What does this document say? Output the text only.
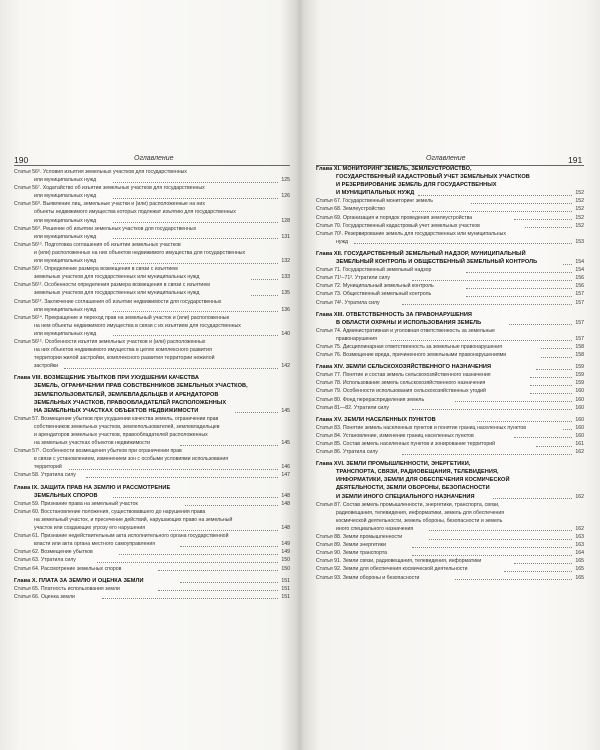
190	Оглавление
Статья 56⁶. Условия изъятия земельных участков для государственных
или муниципальных нужд	125
Статья 56⁷. Ходатайство об изъятии земельных участков для государственных
или муниципальных нужд	126
Статья 56⁸. Выявление лиц, земельные участки и (или) расположенные на них
объекты недвижимого имущества которых подлежат изъятию для государственных
или муниципальных нужд	128
Статья 56⁹. Решение об изъятии земельных участков для государственных
или муниципальных нужд	131
Статья 56¹⁰. Подготовка соглашения об изъятии земельных участков
и (или) расположенных на них объектов недвижимого имущества для государственных
или муниципальных нужд	132
Статья 56¹¹. Определение размера возмещения в связи с изъятием
земельных участков для государственных или муниципальных нужд	133
Статья 56¹². Особенности определения размера возмещения в связи с изъятием
земельных участков для государственных или муниципальных нужд	135
Статья 56¹³. Заключение соглашения об изъятии недвижимости для государственных
или муниципальных нужд	136
Статья 56¹⁴. Прекращение и переход прав на земельный участок и (или) расположенные
на нем объекты недвижимого имущества в связи с их изъятием для государственных
или муниципальных нужд	140
Статья 56¹⁵. Особенности изъятия земельных участков и (или) расположенных
на них объектов недвижимого имущества в целях комплексного развития
территории жилой застройки, комплексного развития территории нежилой
застройки	142
Глава VIII. ВОЗМЕЩЕНИЕ УБЫТКОВ ПРИ УХУДШЕНИИ КАЧЕСТВА
ЗЕМЕЛЬ, ОГРАНИЧЕНИИ ПРАВ СОБСТВЕННИКОВ ЗЕМЕЛЬНЫХ УЧАСТКОВ,
ЗЕМЛЕПОЛЬЗОВАТЕЛЕЙ, ЗЕМЛЕВЛАДЕЛЬЦЕВ И АРЕНДАТОРОВ
ЗЕМЕЛЬНЫХ УЧАСТКОВ, ПРАВООБЛАДАТЕЛЕЙ РАСПОЛОЖЕННЫХ
НА ЗЕМЕЛЬНЫХ УЧАСТКАХ ОБЪЕКТОВ НЕДВИЖИМОСТИ	145
Статья 57. Возмещение убытков при ухудшении качества земель, ограничении прав
собственников земельных участков, землепользователей, землевладельцев
и арендаторов земельных участков, правообладателей расположенных
на земельных участках объектов недвижимости	145
Статья 57¹. Особенности возмещения убытков при ограничении прав
в связи с установлением, изменением зон с особыми условиями использования
территорий	146
Статья 58. Утратила силу	147
Глава IX. ЗАЩИТА ПРАВ НА ЗЕМЛЮ И РАССМОТРЕНИЕ
ЗЕМЕЛЬНЫХ СПОРОВ	148
Статья 59. Признание права на земельный участок	148
Статья 60. Восстановление положения, существовавшего до нарушения права
на земельный участок, и пресечение действий, нарушающих право на земельный
участок или создающих угрозу его нарушения	148
Статья 61. Признание недействительным акта исполнительного органа государственной
власти или акта органа местного самоуправления	149
Статья 62. Возмещение убытков	149
Статья 63. Утратила силу	150
Статья 64. Рассмотрение земельных споров	150
Глава X. ПЛАТА ЗА ЗЕМЛЮ И ОЦЕНКА ЗЕМЛИ	151
Статья 65. Платность использования земли	151
Статья 66. Оценка земли	151
Оглавление	191
Глава XI. МОНИТОРИНГ ЗЕМЕЛЬ, ЗЕМЛЕУСТРОЙСТВО,
ГОСУДАРСТВЕННЫЙ КАДАСТРОВЫЙ УЧЕТ ЗЕМЕЛЬНЫХ УЧАСТКОВ
И РЕЗЕРВИРОВАНИЕ ЗЕМЕЛЬ ДЛЯ ГОСУДАРСТВЕННЫХ
И МУНИЦИПАЛЬНЫХ НУЖД	152
Статья 67. Государственный мониторинг земель	152
Статья 68. Землеустройство	152
Статья 69. Организация и порядок проведения землеустройства	152
Статья 70. Государственный кадастровый учет земельных участков	152
Статья 70¹. Резервирование земель для государственных или муниципальных
нужд	153
Глава XII. ГОСУДАРСТВЕННЫЙ ЗЕМЕЛЬНЫЙ НАДЗОР, МУНИЦИПАЛЬНЫЙ
ЗЕМЕЛЬНЫЙ КОНТРОЛЬ И ОБЩЕСТВЕННЫЙ ЗЕМЕЛЬНЫЙ КОНТРОЛЬ	154
Статья 71. Государственный земельный надзор	154
Статья 71¹–71². Утратили силу	156
Статья 72. Муниципальный земельный контроль	156
Статья 73. Общественный земельный контроль	157
Статья 74¹. Утратила силу	157
Глава XIII. ОТВЕТСТВЕННОСТЬ ЗА ПРАВОНАРУШЕНИЯ
В ОБЛАСТИ ОХРАНЫ И ИСПОЛЬЗОВАНИЯ ЗЕМЕЛЬ	157
Статья 74. Административная и уголовная ответственность за земельные
правонарушения	157
Статья 75. Дисциплинарная ответственность за земельные правонарушения	158
Статья 76. Возмещение вреда, причиненного земельными правонарушениями	158
Глава XIV. ЗЕМЛИ СЕЛЬСКОХОЗЯЙСТВЕННОГО НАЗНАЧЕНИЯ	159
Статья 77. Понятие и состав земель сельскохозяйственного назначения	159
Статья 78. Использование земель сельскохозяйственного назначения	159
Статья 79. Особенности использования сельскохозяйственных угодий	160
Статья 80. Фонд перераспределения земель	160
Статьи 81—82. Утратили силу	160
Глава XV. ЗЕМЛИ НАСЕЛЕННЫХ ПУНКТОВ	160
Статья 83. Понятие земель населенных пунктов и понятие границ населенных пунктов	160
Статья 84. Установление, изменение границ населенных пунктов	160
Статья 85. Состав земель населенных пунктов и зонирование территорий	161
Статья 86. Утратила силу	162
Глава XVI. ЗЕМЛИ ПРОМЫШЛЕННОСТИ, ЭНЕРГЕТИКИ,
ТРАНСПОРТА, СВЯЗИ, РАДИОВЕЩАНИЯ, ТЕЛЕВИДЕНИЯ,
ИНФОРМАТИКИ, ЗЕМЛИ ДЛЯ ОБЕСПЕЧЕНИЯ КОСМИЧЕСКОЙ
ДЕЯТЕЛЬНОСТИ, ЗЕМЛИ ОБОРОНЫ, БЕЗОПАСНОСТИ
И ЗЕМЛИ ИНОГО СПЕЦИАЛЬНОГО НАЗНАЧЕНИЯ	162
Статья 87. Состав земель промышленности, энергетики, транспорта, связи,
радиовещания, телевидения, информатики, земель для обеспечения
космической деятельности, земель обороны, безопасности и земель
иного специального назначения	162
Статья 88. Земли промышленности	163
Статья 89. Земли энергетики	163
Статья 90. Земли транспорта	164
Статья 91. Земли связи, радиовещания, телевидения, информатики	165
Статья 92. Земли для обеспечения космической деятельности	165
Статья 93. Земли обороны и безопасности	165
